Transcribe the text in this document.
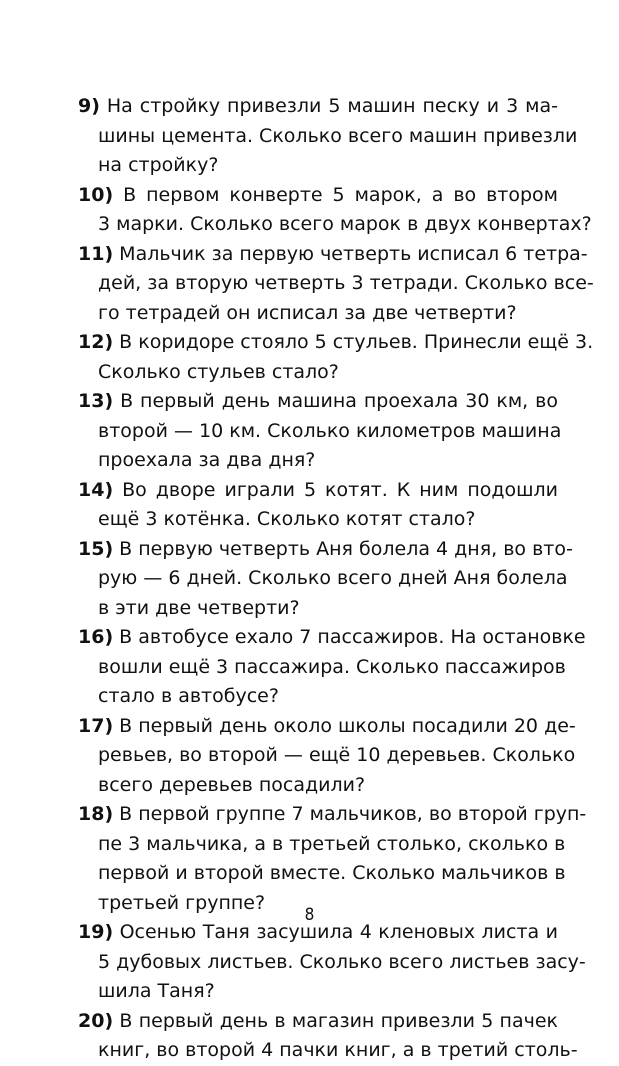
9) На стройку привезли 5 машин песку и 3 ма-
шины цемента. Сколько всего машин привезли
на стройку?
10) В первом конверте 5 марок, а во втором
3 марки. Сколько всего марок в двух конвертах?
11) Мальчик за первую четверть исписал 6 тетра-
дей, за вторую четверть 3 тетради. Сколько все-
го тетрадей он исписал за две четверти?
12) В коридоре стояло 5 стульев. Принесли ещё 3.
Сколько стульев стало?
13) В первый день машина проехала 30 км, во
второй — 10 км. Сколько километров машина
проехала за два дня?
14) Во дворе играли 5 котят. К ним подошли
ещё 3 котёнка. Сколько котят стало?
15) В первую четверть Аня болела 4 дня, во вто-
рую — 6 дней. Сколько всего дней Аня болела
в эти две четверти?
16) В автобусе ехало 7 пассажиров. На остановке
вошли ещё 3 пассажира. Сколько пассажиров
стало в автобусе?
17) В первый день около школы посадили 20 де-
ревьев, во второй — ещё 10 деревьев. Сколько
всего деревьев посадили?
18) В первой группе 7 мальчиков, во второй груп-
пе 3 мальчика, а в третьей столько, сколько в
первой и второй вместе. Сколько мальчиков в
третьей группе?
19) Осенью Таня засушила 4 кленовых листа и
5 дубовых листьев. Сколько всего листьев засу-
шила Таня?
20) В первый день в магазин привезли 5 пачек
книг, во второй 4 пачки книг, а в третий столь-
8
